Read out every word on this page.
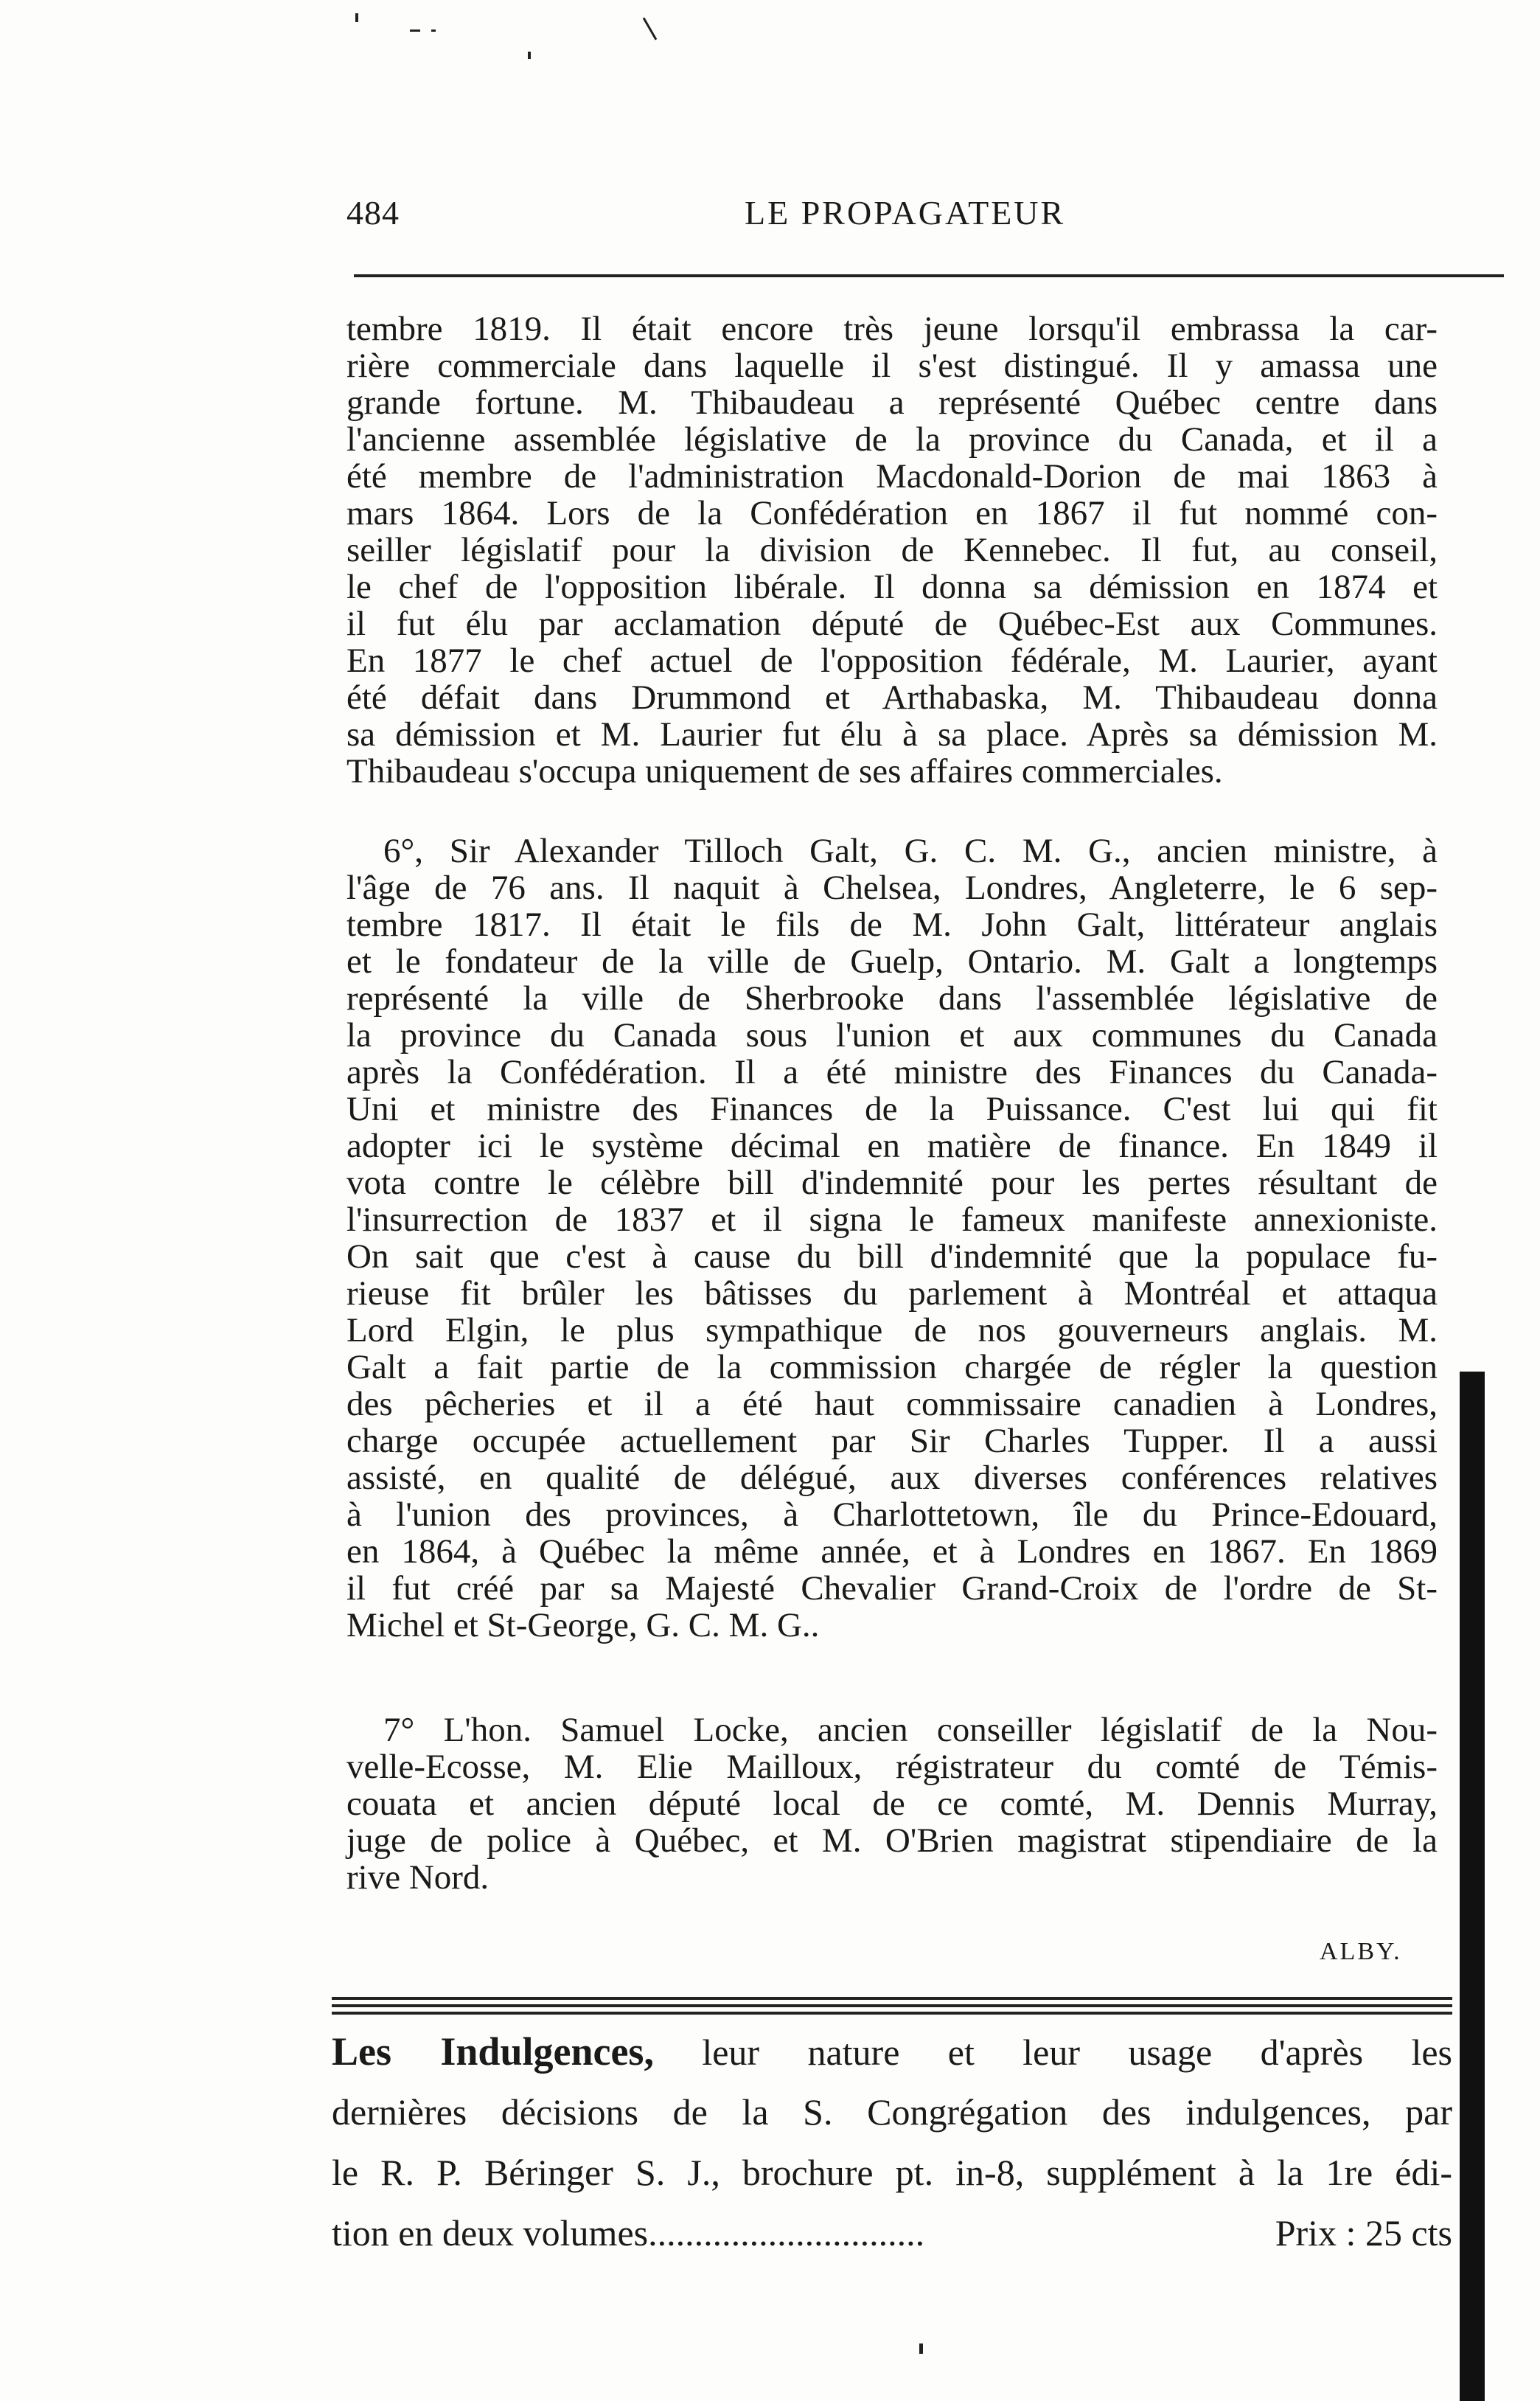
484	LE PROPAGATEUR
tembre 1819. Il était encore très jeune lorsqu'il embrassa la car-
rière commerciale dans laquelle il s'est distingué. Il y amassa une
grande fortune. M. Thibaudeau a représenté Québec centre dans
l'ancienne assemblée législative de la province du Canada, et il a
été membre de l'administration Macdonald-Dorion de mai 1863 à
mars 1864. Lors de la Confédération en 1867 il fut nommé con-
seiller législatif pour la division de Kennebec. Il fut, au conseil,
le chef de l'opposition libérale. Il donna sa démission en 1874 et
il fut élu par acclamation député de Québec-Est aux Communes.
En 1877 le chef actuel de l'opposition fédérale, M. Laurier, ayant
été défait dans Drummond et Arthabaska, M. Thibaudeau donna
sa démission et M. Laurier fut élu à sa place. Après sa démission M.
Thibaudeau s'occupa uniquement de ses affaires commerciales.
6°, Sir Alexander Tilloch Galt, G. C. M. G., ancien ministre, à
l'âge de 76 ans. Il naquit à Chelsea, Londres, Angleterre, le 6 sep-
tembre 1817. Il était le fils de M. John Galt, littérateur anglais
et le fondateur de la ville de Guelp, Ontario. M. Galt a longtemps
représenté la ville de Sherbrooke dans l'assemblée législative de
la province du Canada sous l'union et aux communes du Canada
après la Confédération. Il a été ministre des Finances du Canada-
Uni et ministre des Finances de la Puissance. C'est lui qui fit
adopter ici le système décimal en matière de finance. En 1849 il
vota contre le célèbre bill d'indemnité pour les pertes résultant de
l'insurrection de 1837 et il signa le fameux manifeste annexioniste.
On sait que c'est à cause du bill d'indemnité que la populace fu-
rieuse fit brûler les bâtisses du parlement à Montréal et attaqua
Lord Elgin, le plus sympathique de nos gouverneurs anglais. M.
Galt a fait partie de la commission chargée de régler la question
des pêcheries et il a été haut commissaire canadien à Londres,
charge occupée actuellement par Sir Charles Tupper. Il a aussi
assisté, en qualité de délégué, aux diverses conférences relatives
à l'union des provinces, à Charlottetown, île du Prince-Edouard,
en 1864, à Québec la même année, et à Londres en 1867. En 1869
il fut créé par sa Majesté Chevalier Grand-Croix de l'ordre de St-
Michel et St-George, G. C. M. G..
7° L'hon. Samuel Locke, ancien conseiller législatif de la Nou-
velle-Ecosse, M. Elie Mailloux, régistrateur du comté de Témis-
couata et ancien député local de ce comté, M. Dennis Murray,
juge de police à Québec, et M. O'Brien magistrat stipendiaire de la
rive Nord.
ALBY.
Les Indulgences, leur nature et leur usage d'après les
dernières décisions de la S. Congrégation des indulgences, par
le R. P. Béringer S. J., brochure pt. in-8, supplément à la 1re édi-
tion en deux volumes..............................	Prix : 25 cts
